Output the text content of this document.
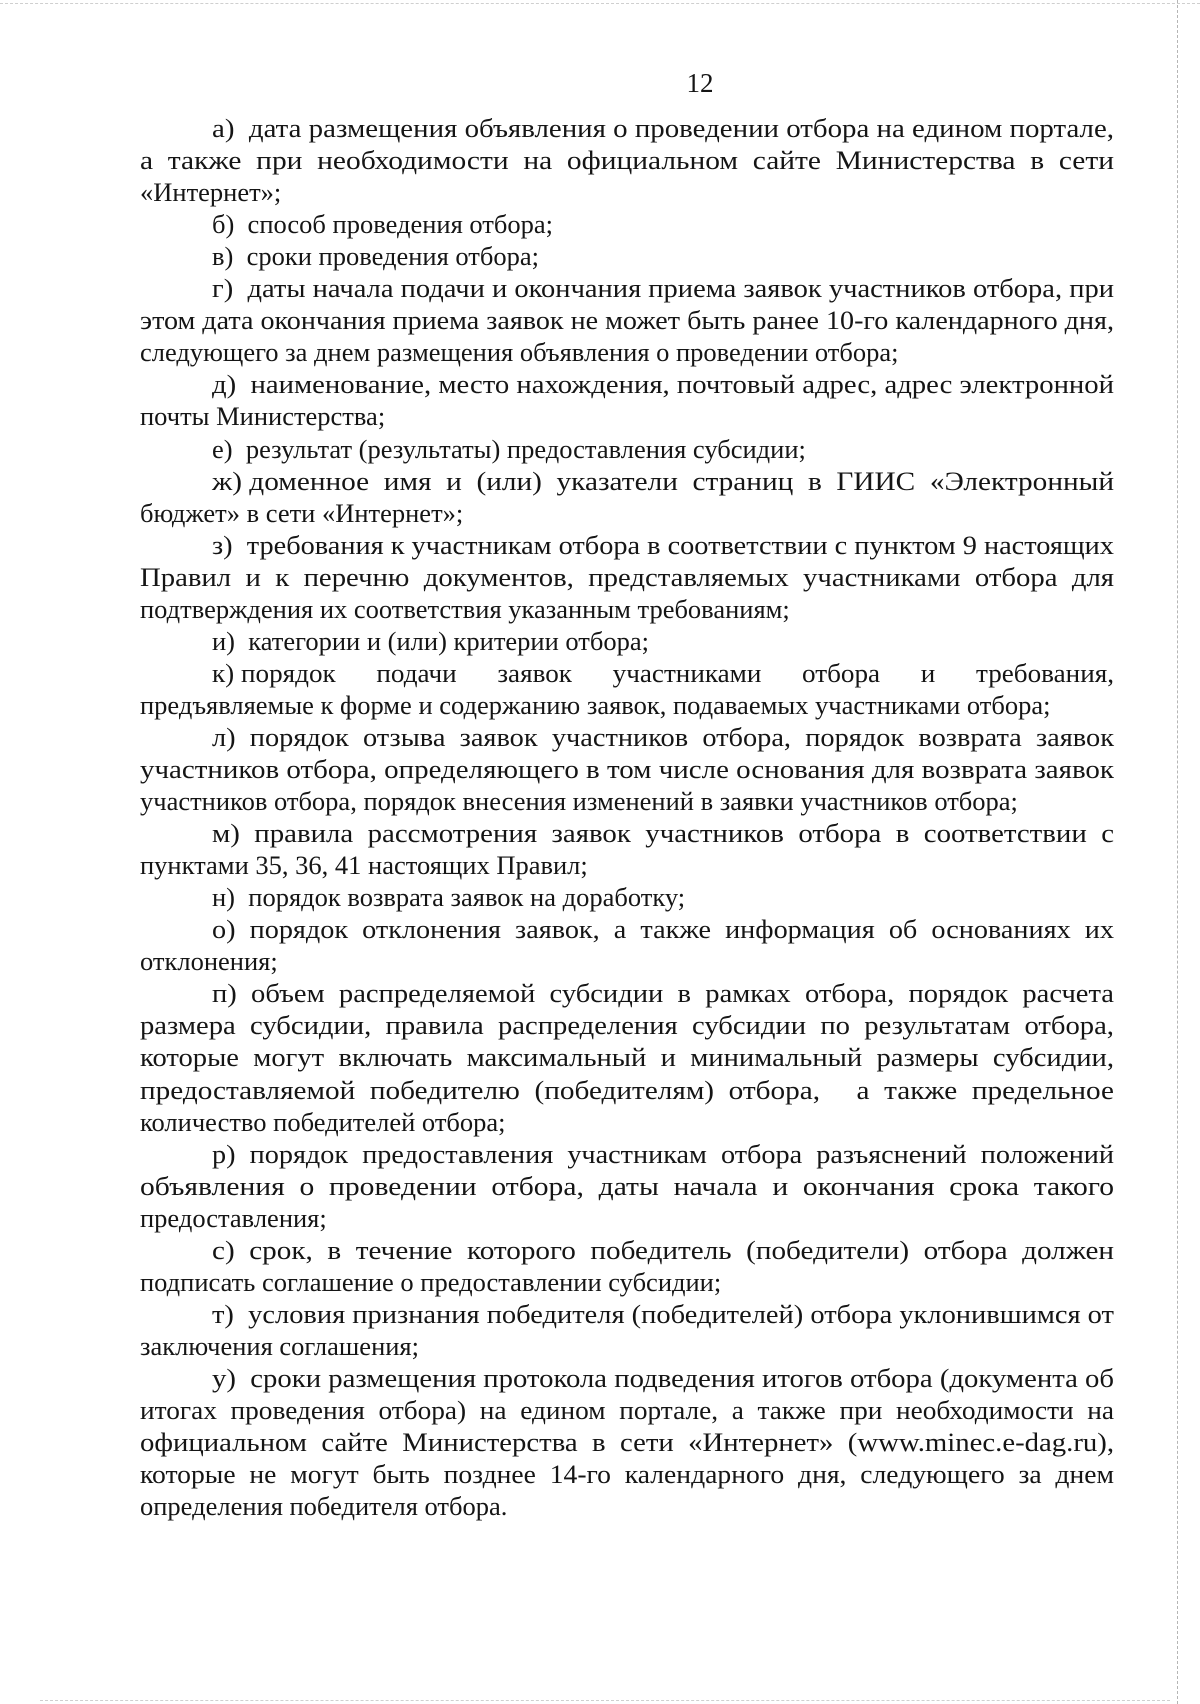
12
а)  дата размещения объявления о проведении отбора на едином портале,
а  также  при  необходимости  на  официальном  сайте  Министерства  в  сети
«Интернет»;
б)  способ проведения отбора;
в)  сроки проведения отбора;
г)  даты начала подачи и окончания приема заявок участников отбора, при
этом дата окончания приема заявок не может быть ранее 10-го календарного дня,
следующего за днем размещения объявления о проведении отбора;
д)  наименование, место нахождения, почтовый адрес, адрес электронной
почты Министерства;
е)  результат (результаты) предоставления субсидии;
ж) доменное  имя  и  (или)  указатели  страниц  в  ГИИС  «Электронный
бюджет» в сети «Интернет»;
з)  требования к участникам отбора в соответствии с пунктом 9 настоящих
Правил  и  к  перечню  документов,  представляемых  участниками  отбора  для
подтверждения их соответствия указанным требованиям;
и)  категории и (или) критерии отбора;
к) порядок      подачи      заявок      участниками      отбора      и      требования,
предъявляемые к форме и содержанию заявок, подаваемых участниками отбора;
л)  порядок  отзыва  заявок  участников  отбора,  порядок  возврата  заявок
участников отбора, определяющего в том числе основания для возврата заявок
участников отбора, порядок внесения изменений в заявки участников отбора;
м)  правила  рассмотрения  заявок  участников  отбора  в  соответствии  с
пунктами 35, 36, 41 настоящих Правил;
н)  порядок возврата заявок на доработку;
о)  порядок  отклонения  заявок,  а  также  информация  об  основаниях  их
отклонения;
п)  объем  распределяемой  субсидии  в  рамках  отбора,  порядок  расчета
размера  субсидии,  правила  распределения  субсидии  по  результатам  отбора,
которые  могут  включать  максимальный  и  минимальный  размеры  субсидии,
предоставляемой  победителю  (победителям)  отбора,     а  также  предельное
количество победителей отбора;
р)  порядок  предоставления  участникам  отбора  разъяснений  положений
объявления  о  проведении  отбора,  даты  начала  и  окончания  срока  такого
предоставления;
с)  срок,  в  течение  которого  победитель  (победители)  отбора  должен
подписать соглашение о предоставлении субсидии;
т)  условия признания победителя (победителей) отбора уклонившимся от
заключения соглашения;
у)  сроки размещения протокола подведения итогов отбора (документа об
итогах  проведения  отбора)  на  едином  портале,  а  также  при  необходимости  на
официальном  сайте  Министерства  в  сети  «Интернет»  (www.minec.e-dag.ru),
которые  не  могут  быть  позднее  14-го  календарного  дня,  следующего  за  днем
определения победителя отбора.
